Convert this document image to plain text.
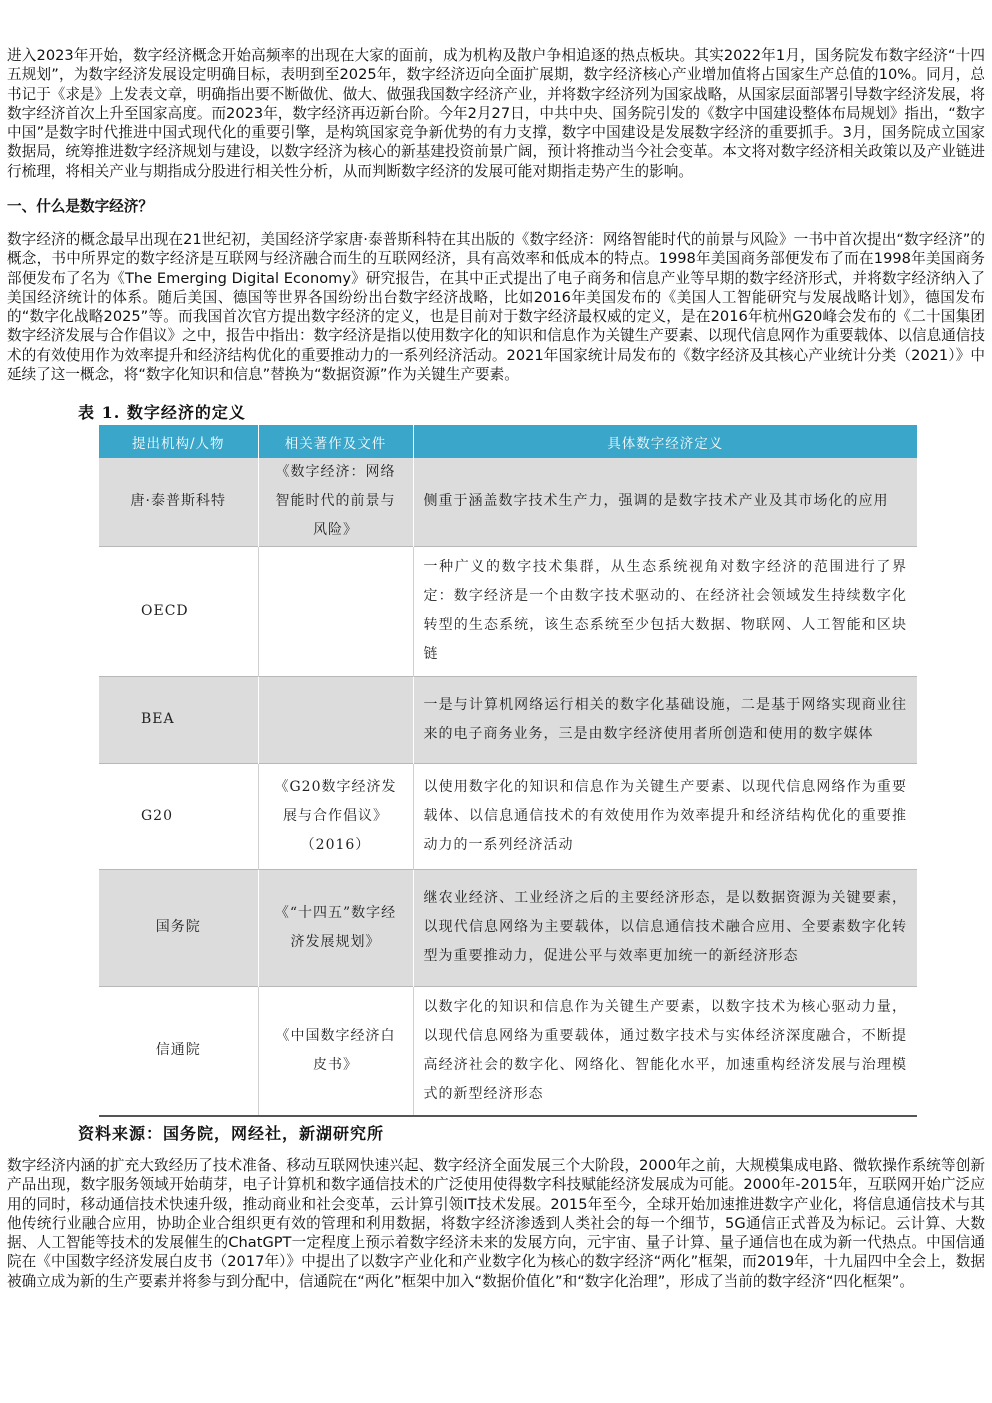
进入2023年开始，数字经济概念开始高频率的出现在大家的面前，成为机构及散户争相追逐的热点板块。其实2022年1月，国务院发布数字经济“十四五规划”，为数字经济发展设定明确目标，表明到至2025年，数字经济迈向全面扩展期，数字经济核心产业增加值将占国家生产总值的10%。同月，总书记于《求是》上发表文章，明确指出要不断做优、做大、做强我国数字经济产业，并将数字经济列为国家战略，从国家层面部署引导数字经济发展，将数字经济首次上升至国家高度。而2023年，数字经济再迈新台阶。今年2月27日，中共中央、国务院引发的《数字中国建设整体布局规划》指出，“数字中国”是数字时代推进中国式现代化的重要引擎，是构筑国家竞争新优势的有力支撑，数字中国建设是发展数字经济的重要抓手。3月，国务院成立国家数据局，统筹推进数字经济规划与建设，以数字经济为核心的新基建投资前景广阔，预计将推动当今社会变革。本文将对数字经济相关政策以及产业链进行梳理，将相关产业与期指成分股进行相关性分析，从而判断数字经济的发展可能对期指走势产生的影响。

一、什么是数字经济？

数字经济的概念最早出现在21世纪初，美国经济学家唐·泰普斯科特在其出版的《数字经济：网络智能时代的前景与风险》一书中首次提出“数字经济”的概念，书中所界定的数字经济是互联网与经济融合而生的互联网经济，具有高效率和低成本的特点。1998年美国商务部便发布了而在1998年美国商务部便发布了名为《The Emerging Digital Economy》研究报告，在其中正式提出了电子商务和信息产业等早期的数字经济形式，并将数字经济纳入了美国经济统计的体系。随后美国、德国等世界各国纷纷出台数字经济战略，比如2016年美国发布的《美国人工智能研究与发展战略计划》，德国发布的“数字化战略2025”等。而我国首次官方提出数字经济的定义，也是目前对于数字经济最权威的定义，是在2016年杭州G20峰会发布的《二十国集团数字经济发展与合作倡议》之中，报告中指出：数字经济是指以使用数字化的知识和信息作为关键生产要素、以现代信息网作为重要载体、以信息通信技术的有效使用作为效率提升和经济结构优化的重要推动力的一系列经济活动。2021年国家统计局发布的《数字经济及其核心产业统计分类（2021）》中延续了这一概念，将“数字化知识和信息”替换为“数据资源”作为关键生产要素。

表 1. 数字经济的定义

提出机构/人物	相关著作及文件	具体数字经济定义
唐·泰普斯科特	《数字经济：网络智能时代的前景与风险》	侧重于涵盖数字技术生产力，强调的是数字技术产业及其市场化的应用
OECD		一种广义的数字技术集群，从生态系统视角对数字经济的范围进行了界定：数字经济是一个由数字技术驱动的、在经济社会领域发生持续数字化转型的生态系统，该生态系统至少包括大数据、物联网、人工智能和区块链
BEA		一是与计算机网络运行相关的数字化基础设施，二是基于网络实现商业往来的电子商务业务，三是由数字经济使用者所创造和使用的数字媒体
G20	《G20数字经济发展与合作倡议》（2016）	以使用数字化的知识和信息作为关键生产要素、以现代信息网络作为重要载体、以信息通信技术的有效使用作为效率提升和经济结构优化的重要推动力的一系列经济活动
国务院	《“十四五”数字经济发展规划》	继农业经济、工业经济之后的主要经济形态，是以数据资源为关键要素，以现代信息网络为主要载体，以信息通信技术融合应用、全要素数字化转型为重要推动力，促进公平与效率更加统一的新经济形态
信通院	《中国数字经济白皮书》	以数字化的知识和信息作为关键生产要素，以数字技术为核心驱动力量，以现代信息网络为重要载体，通过数字技术与实体经济深度融合，不断提高经济社会的数字化、网络化、智能化水平，加速重构经济发展与治理模式的新型经济形态

资料来源：国务院，网经社，新湖研究所

数字经济内涵的扩充大致经历了技术准备、移动互联网快速兴起、数字经济全面发展三个大阶段，2000年之前，大规模集成电路、微软操作系统等创新产品出现，数字服务领域开始萌芽，电子计算机和数字通信技术的广泛使用使得数字科技赋能经济发展成为可能。2000年-2015年，互联网开始广泛应用的同时，移动通信技术快速升级，推动商业和社会变革，云计算引领IT技术发展。2015年至今，全球开始加速推进数字产业化，将信息通信技术与其他传统行业融合应用，协助企业合组织更有效的管理和利用数据，将数字经济渗透到人类社会的每一个细节，5G通信正式普及为标记。云计算、大数据、人工智能等技术的发展催生的ChatGPT一定程度上预示着数字经济未来的发展方向，元宇宙、量子计算、量子通信也在成为新一代热点。中国信通院在《中国数字经济发展白皮书（2017年）》中提出了以数字产业化和产业数字化为核心的数字经济“两化”框架，而2019年，十九届四中全会上，数据被确立成为新的生产要素并将参与到分配中，信通院在“两化”框架中加入“数据价值化”和“数字化治理”，形成了当前的数字经济“四化框架”。
